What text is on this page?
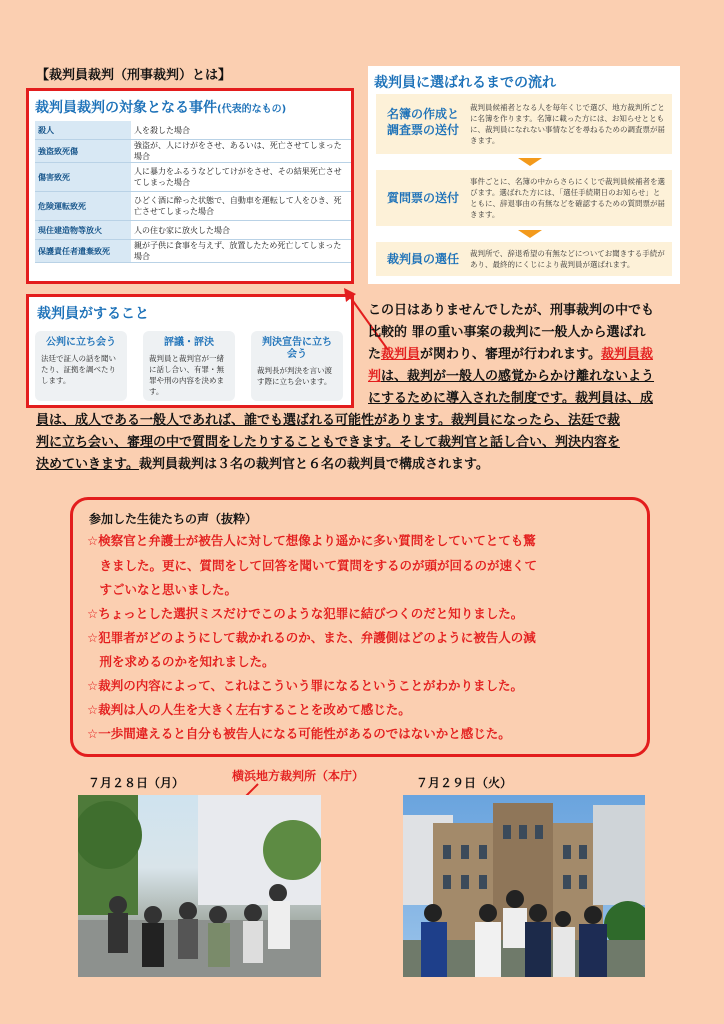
【裁判員裁判（刑事裁判）とは】
裁判員裁判の対象となる事件(代表的なもの)
殺人	人を殺した場合
強盗致死傷	強盗が、人にけがをさせ、あるいは、死亡させてしまった場合
傷害致死	人に暴力をふるうなどしてけがをさせ、その結果死亡させてしまった場合
危険運転致死	ひどく酒に酔った状態で、自動車を運転して人をひき、死亡させてしまった場合
現住建造物等放火	人の住む家に放火した場合
保護責任者遺棄致死	親が子供に食事を与えず、放置したため死亡してしまった場合
裁判員がすること
公判に立ち会う
法廷で証人の話を聞いたり、証拠を調べたりします。
評議・評決
裁判員と裁判官が一緒に話し合い、有罪・無罪や刑の内容を決めます。
判決宣告に立ち会う
裁判長が判決を言い渡す際に立ち会います。
裁判員に選ばれるまでの流れ
名簿の作成と調査票の送付
裁判員候補者となる人を毎年くじで選び、地方裁判所ごとに名簿を作ります。名簿に載った方には、お知らせとともに、裁判員になれない事情などを尋ねるための調査票が届きます。
質問票の送付
事件ごとに、名簿の中からさらにくじで裁判員候補者を選びます。選ばれた方には、「選任手続期日のお知らせ」とともに、辞退事由の有無などを確認するための質問票が届きます。
裁判員の選任	裁判所で、辞退希望の有無などについてお聞きする手続があり、最終的にくじにより裁判員が選ばれます。
この日はありませんでしたが、刑事裁判の中でも
比較的 罪の重い事案の裁判に一般人から選ばれ
た裁判員が関わり、審理が行われます。裁判員裁
判は、裁判が一般人の感覚からかけ離れないよう
にするために導入された制度です。裁判員は、成
員は、成人である一般人であれば、誰でも選ばれる可能性があります。裁判員になったら、法廷で裁
判に立ち会い、審理の中で質問をしたりすることもできます。そして裁判官と話し合い、判決内容を
決めていきます。裁判員裁判は３名の裁判官と６名の裁判員で構成されます。
参加した生徒たちの声（抜粋）
☆検察官と弁護士が被告人に対して想像より遥かに多い質問をしていてとても驚
　きました。更に、質問をして回答を聞いて質問をするのが頭が回るのが速くて
　すごいなと思いました。
☆ちょっとした選択ミスだけでこのような犯罪に結びつくのだと知りました。
☆犯罪者がどのようにして裁かれるのか、また、弁護側はどのように被告人の減
　刑を求めるのかを知れました。
☆裁判の内容によって、これはこういう罪になるということがわかりました。
☆裁判は人の人生を大きく左右することを改めて感じた。
☆一歩間違えると自分も被告人になる可能性があるのではないかと感じた。
７月２８日（月）	横浜地方裁判所（本庁）	７月２９日（火）
